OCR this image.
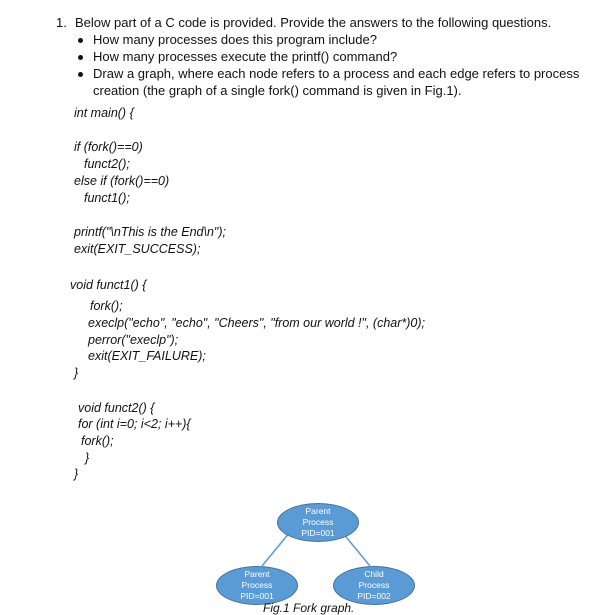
1. Below part of a C code is provided. Provide the answers to the following questions.
How many processes does this program include?
How many processes execute the printf() command?
Draw a graph, where each node refers to a process and each edge refers to process
creation (the graph of a single fork() command is given in Fig.1).
int main() {
if (fork()==0)
funct2();
else if (fork()==0)
funct1();
printf("\nThis is the End\n");
exit(EXIT_SUCCESS);
void funct1() {
fork();
execlp("echo", "echo", "Cheers", "from our world !", (char*)0);
perror("execlp");
exit(EXIT_FAILURE);
}
void funct2() {
for (int i=0; i<2; i++){
fork();
}
}
Parent
Process
PID=001
Parent
Process
PID=001
Child
Process
PID=002
Fig.1 Fork graph.
